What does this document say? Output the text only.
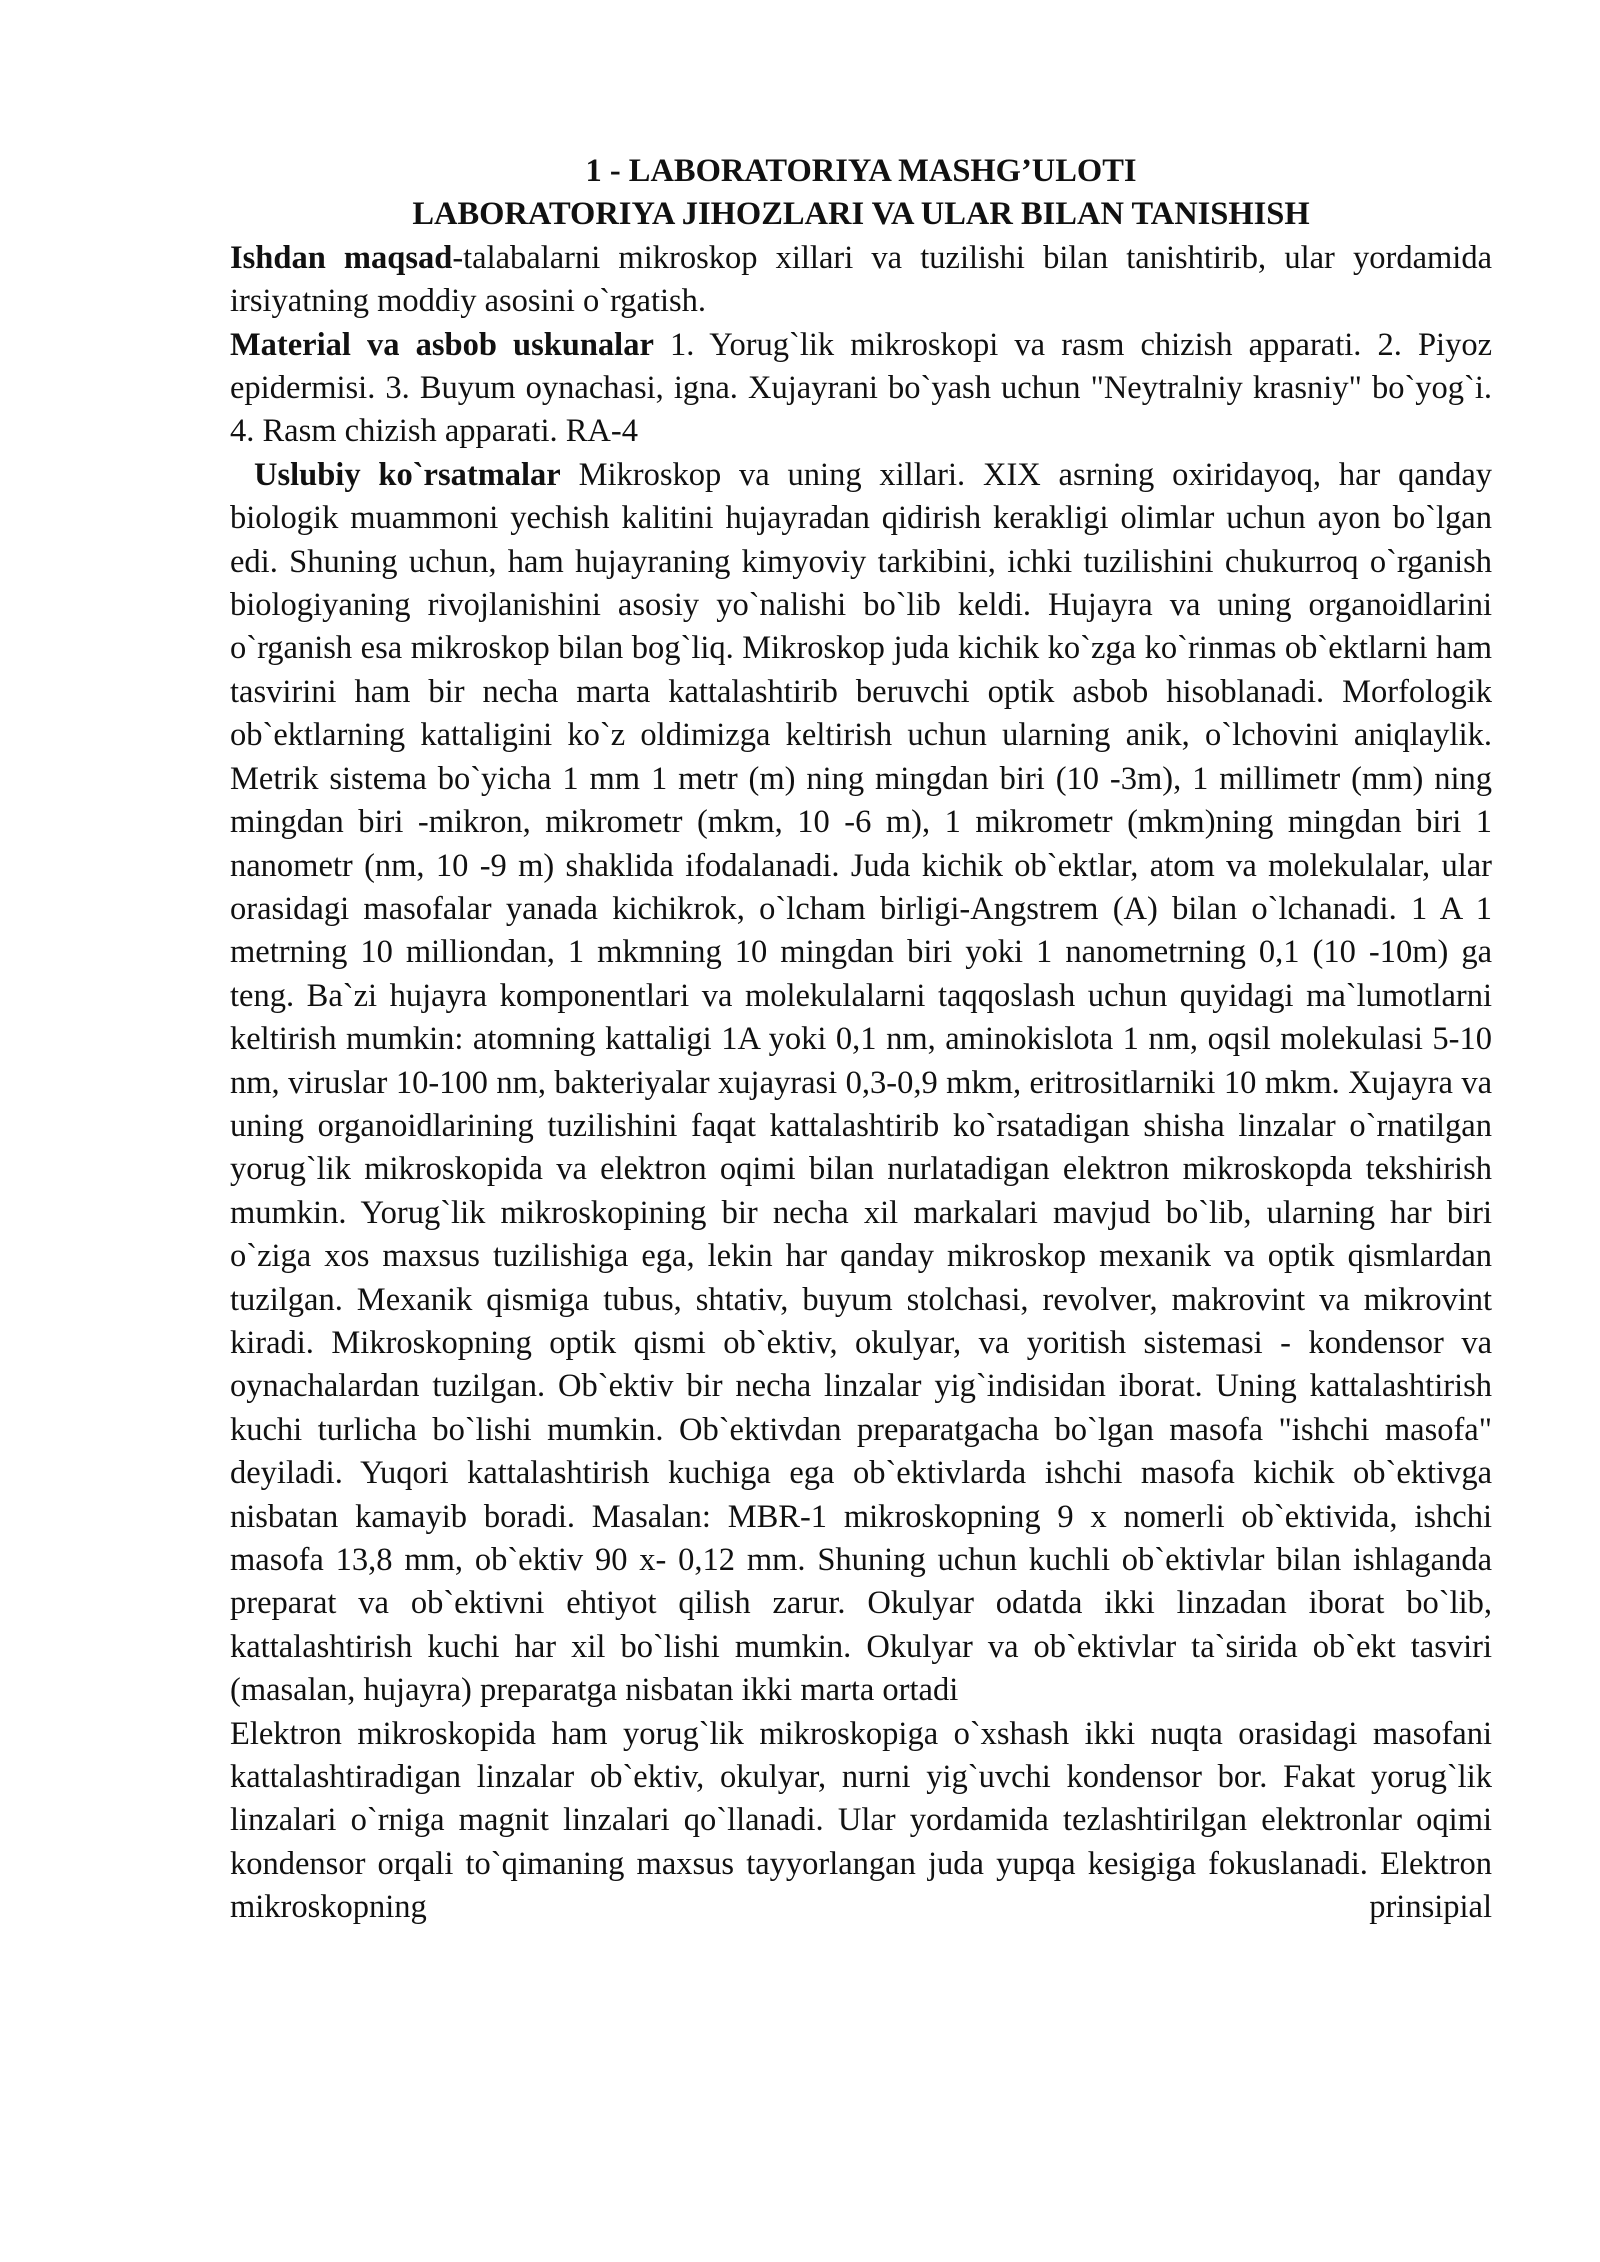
1 - LABORATORIYA MASHG’ULOTI

LABORATORIYA JIHOZLARI VA ULAR BILAN TANISHISH

Ishdan maqsad-talabalarni mikroskop xillari va tuzilishi bilan tanishtirib, ular yordamida irsiyatning moddiy asosini o`rgatish.

Material va asbob uskunalar 1. Yorug`lik mikroskopi va rasm chizish apparati. 2. Piyoz epidermisi. 3. Buyum oynachasi, igna. Xujayrani bo`yash uchun "Neytralniy krasniy" bo`yog`i. 4. Rasm chizish apparati. RA-4

Uslubiy ko`rsatmalar Mikroskop va uning xillari. XIX asrning oxiridayoq, har qanday biologik muammoni yechish kalitini hujayradan qidirish kerakligi olimlar uchun ayon bo`lgan edi. Shuning uchun, ham hujayraning kimyoviy tarkibini, ichki tuzilishini chukurroq o`rganish biologiyaning rivojlanishini asosiy yo`nalishi bo`lib keldi. Hujayra va uning organoidlarini o`rganish esa mikroskop bilan bog`liq. Mikroskop juda kichik ko`zga ko`rinmas ob`ektlarni ham tasvirini ham bir necha marta kattalashtirib beruvchi optik asbob hisoblanadi. Morfologik ob`ektlarning kattaligini ko`z oldimizga keltirish uchun ularning anik, o`lchovini aniqlaylik. Metrik sistema bo`yicha 1 mm 1 metr (m) ning mingdan biri (10 -3m), 1 millimetr (mm) ning mingdan biri -mikron, mikrometr (mkm, 10 -6 m), 1 mikrometr (mkm)ning mingdan biri 1 nanometr (nm, 10 -9 m) shaklida ifodalanadi. Juda kichik ob`ektlar, atom va molekulalar, ular orasidagi masofalar yanada kichikrok, o`lcham birligi-Angstrem (A) bilan o`lchanadi. 1 A 1 metrning 10 milliondan, 1 mkmning 10 mingdan biri yoki 1 nanometrning 0,1 (10 -10m) ga teng. Ba`zi hujayra komponentlari va molekulalarni taqqoslash uchun quyidagi ma`lumotlarni keltirish mumkin: atomning kattaligi 1A yoki 0,1 nm, aminokislota 1 nm, oqsil molekulasi 5-10 nm, viruslar 10-100 nm, bakteriyalar xujayrasi 0,3-0,9 mkm, eritrositlarniki 10 mkm. Xujayra va uning organoidlarining tuzilishini faqat kattalashtirib ko`rsatadigan shisha linzalar o`rnatilgan yorug`lik mikroskopida va elektron oqimi bilan nurlatadigan elektron mikroskopda tekshirish mumkin. Yorug`lik mikroskopining bir necha xil markalari mavjud bo`lib, ularning har biri o`ziga xos maxsus tuzilishiga ega, lekin har qanday mikroskop mexanik va optik qismlardan tuzilgan. Mexanik qismiga tubus, shtativ, buyum stolchasi, revolver, makrovint va mikrovint kiradi. Mikroskopning optik qismi ob`ektiv, okulyar, va yoritish sistemasi - kondensor va oynachalardan tuzilgan. Ob`ektiv bir necha linzalar yig`indisidan iborat. Uning kattalashtirish kuchi turlicha bo`lishi mumkin. Ob`ektivdan preparatgacha bo`lgan masofa "ishchi masofa" deyiladi. Yuqori kattalashtirish kuchiga ega ob`ektivlarda ishchi masofa kichik ob`ektivga nisbatan kamayib boradi. Masalan: MBR-1 mikroskopning 9 x nomerli ob`ektivida, ishchi masofa 13,8 mm, ob`ektiv 90 x- 0,12 mm. Shuning uchun kuchli ob`ektivlar bilan ishlaganda preparat va ob`ektivni ehtiyot qilish zarur. Okulyar odatda ikki linzadan iborat bo`lib, kattalashtirish kuchi har xil bo`lishi mumkin. Okulyar va ob`ektivlar ta`sirida ob`ekt tasviri (masalan, hujayra) preparatga nisbatan ikki marta ortadi

Elektron mikroskopida ham yorug`lik mikroskopiga o`xshash ikki nuqta orasidagi masofani kattalashtiradigan linzalar ob`ektiv, okulyar, nurni yig`uvchi kondensor bor. Fakat yorug`lik linzalari o`rniga magnit linzalari qo`llanadi. Ular yordamida tezlashtirilgan elektronlar oqimi kondensor orqali to`qimaning maxsus tayyorlangan juda yupqa kesigiga fokuslanadi. Elektron mikroskopning prinsipial
